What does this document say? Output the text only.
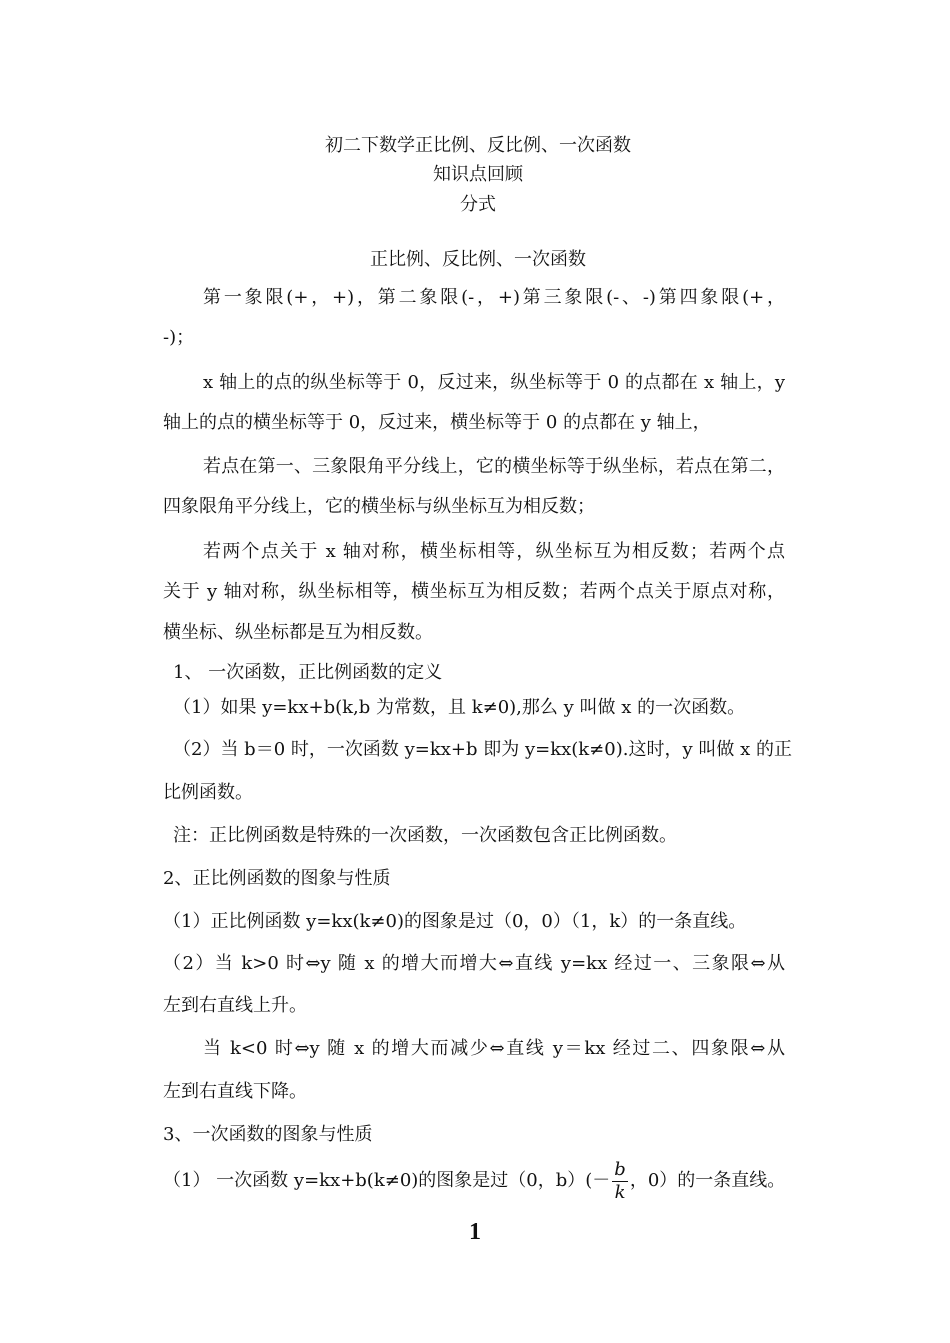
初二下数学正比例、反比例、一次函数
知识点回顾
分式
正比例、反比例、一次函数
第一象限(+，+)，第二象限(-，+)第三象限(-、-)第四象限(+，
-)；
x 轴上的点的纵坐标等于 0，反过来，纵坐标等于 0 的点都在 x 轴上，y
轴上的点的横坐标等于 0，反过来，横坐标等于 0 的点都在 y 轴上，
若点在第一、三象限角平分线上，它的横坐标等于纵坐标，若点在第二，
四象限角平分线上，它的横坐标与纵坐标互为相反数；
若两个点关于 x 轴对称，横坐标相等，纵坐标互为相反数；若两个点
关于 y 轴对称，纵坐标相等，横坐标互为相反数；若两个点关于原点对称，
横坐标、纵坐标都是互为相反数。
1、 一次函数，正比例函数的定义
（1）如果 y=kx+b(k,b 为常数，且 k≠0),那么 y 叫做 x 的一次函数。
（2）当 b＝0 时，一次函数 y=kx+b 即为 y=kx(k≠0).这时，y 叫做 x 的正
比例函数。
注：正比例函数是特殊的一次函数，一次函数包含正比例函数。
2、正比例函数的图象与性质
（1）正比例函数 y=kx(k≠0)的图象是过（0，0）（1，k）的一条直线。
（2）当 k>0 时⇔y 随 x 的增大而增大⇔直线 y=kx 经过一、三象限⇔从
左到右直线上升。
当 k<0 时⇔y 随 x 的增大而减少⇔直线 y＝kx 经过二、四象限⇔从
左到右直线下降。
3、一次函数的图象与性质
（1） 一次函数 y=kx+b(k≠0)的图象是过（0，$b)(- \frac{b}{k}$ ，0）的一条直线。
1
